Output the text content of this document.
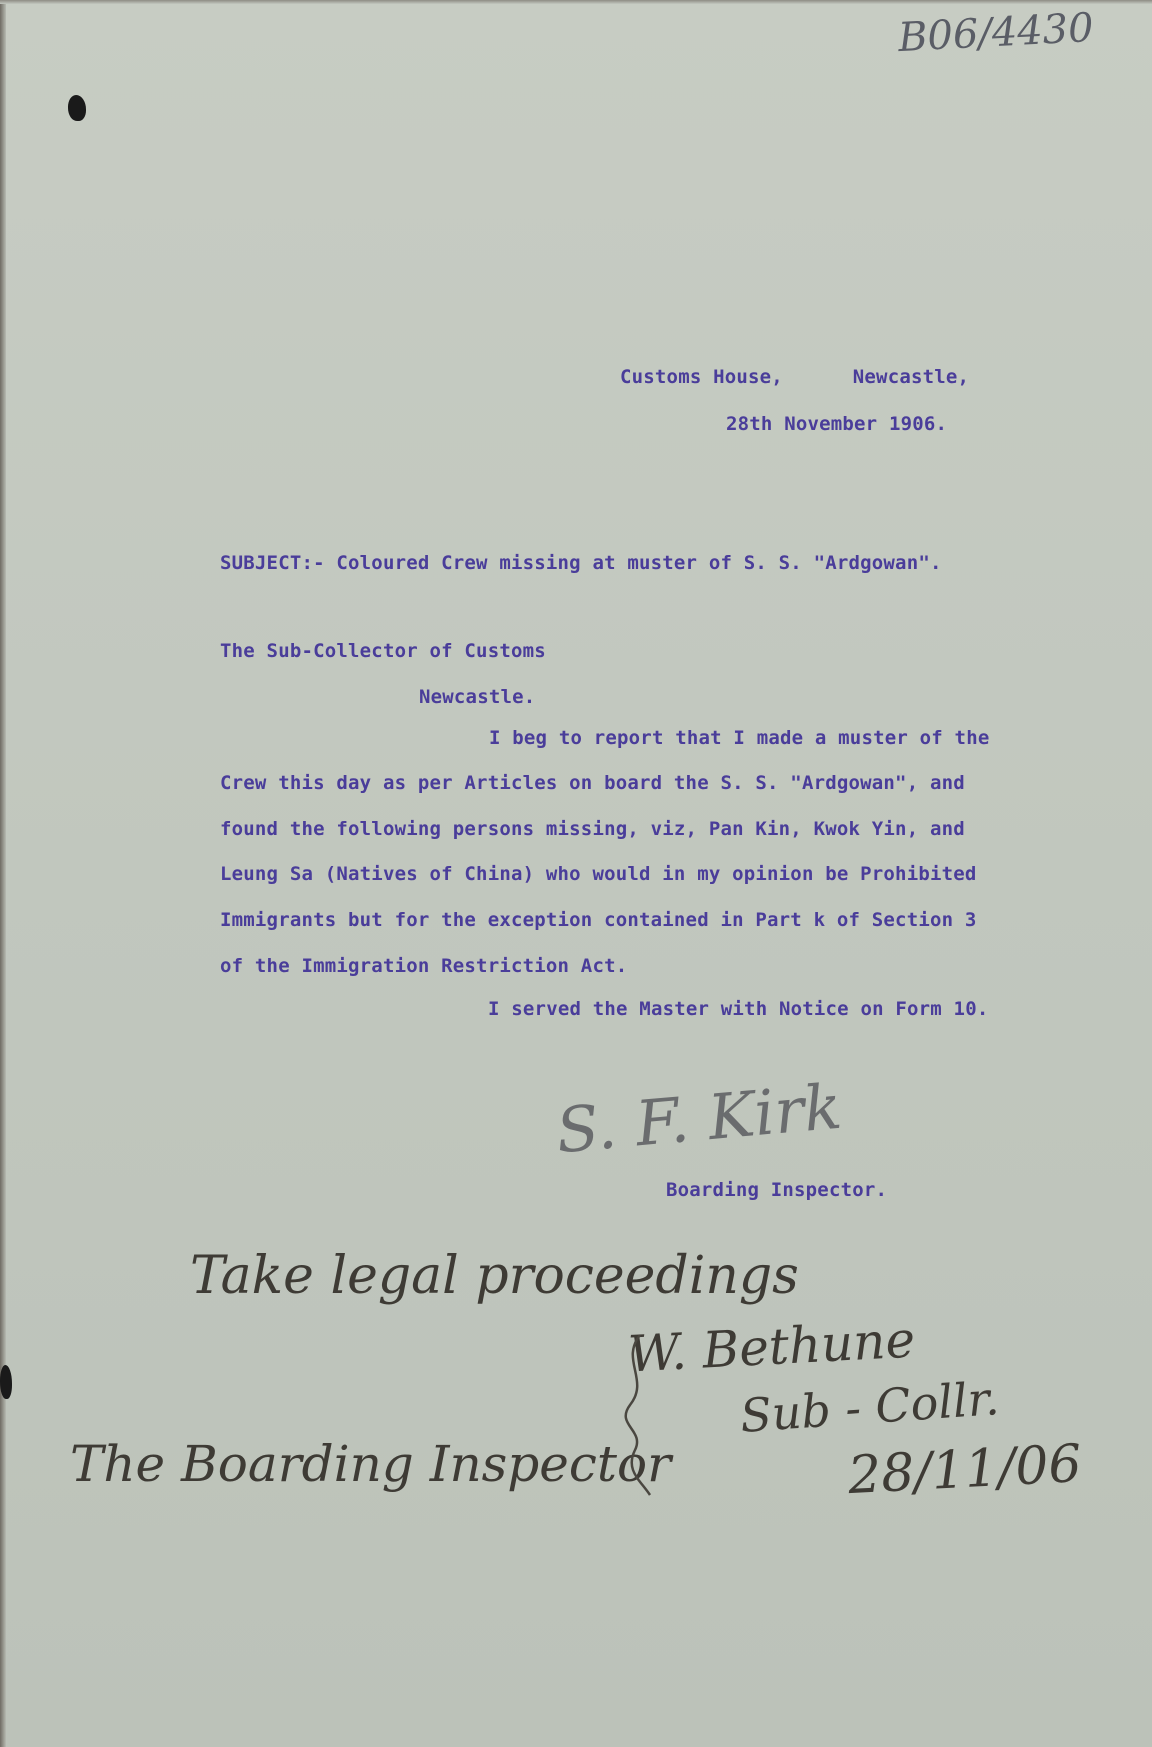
B06/4430
Customs House,      Newcastle,
28th November 1906.
SUBJECT:- Coloured Crew missing at muster of S. S. "Ardgowan".
The Sub-Collector of Customs
Newcastle.
I beg to report that I made a muster of the
Crew this day as per Articles on board the S. S. "Ardgowan", and
found the following persons missing, viz, Pan Kin, Kwok Yin, and
Leung Sa (Natives of China) who would in my opinion be Prohibited
Immigrants but for the exception contained in Part k of Section 3
of the Immigration Restriction Act.
I served the Master with Notice on Form 10.
S. F. Kirk
Boarding Inspector.
Take legal proceedings
W. Bethune
Sub - Collr.
The Boarding Inspector	28/11/06
